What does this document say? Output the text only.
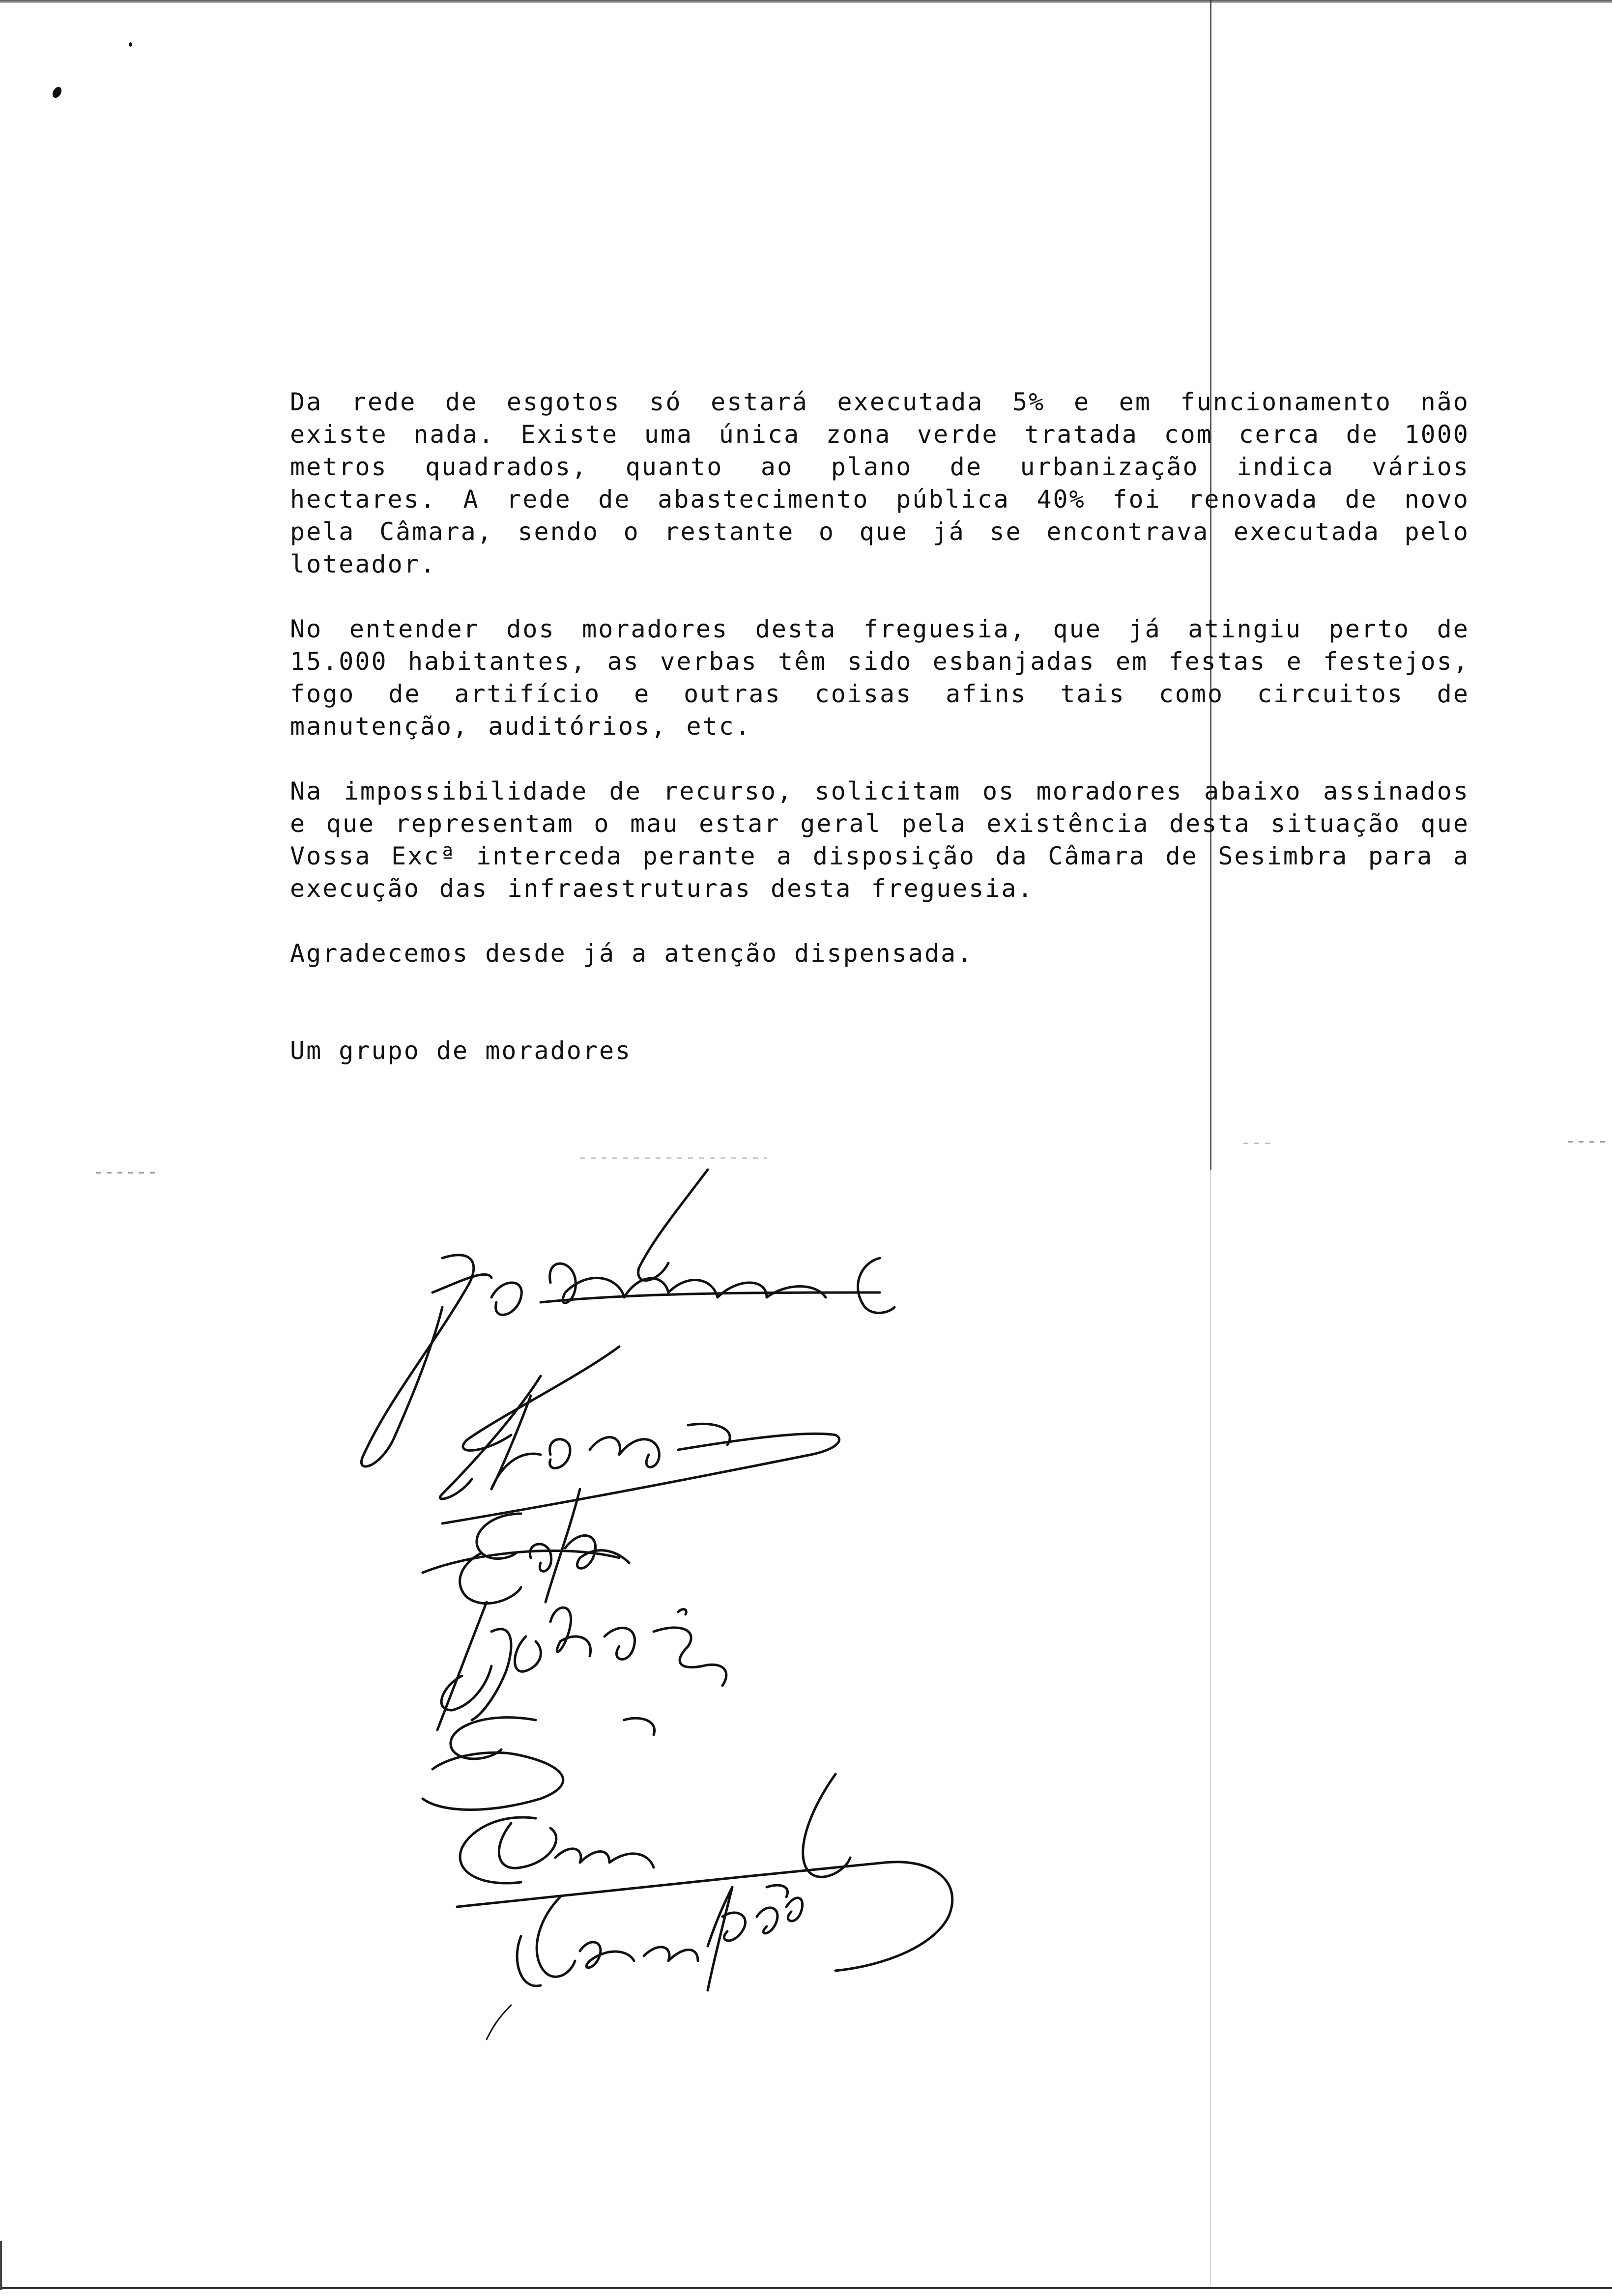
Da rede de esgotos só estará executada 5% e em funcionamento não existe nada. Existe uma única zona verde tratada com cerca de 1000 metros quadrados, quanto ao plano de urbanização indica vários hectares. A rede de abastecimento pública 40% foi renovada de novo pela Câmara, sendo o restante o que já se encontrava executada pelo loteador.

No entender dos moradores desta freguesia, que já atingiu perto de 15.000 habitantes, as verbas têm sido esbanjadas em festas e festejos, fogo de artifício e outras coisas afins tais como circuitos de manutenção, auditórios, etc.

Na impossibilidade de recurso, solicitam os moradores abaixo assinados e que representam o mau estar geral pela existência desta situação que Vossa Excª interceda perante a disposição da Câmara de Sesimbra para a execução das infraestruturas desta freguesia.

Agradecemos desde já a atenção dispensada.

Um grupo de moradores
